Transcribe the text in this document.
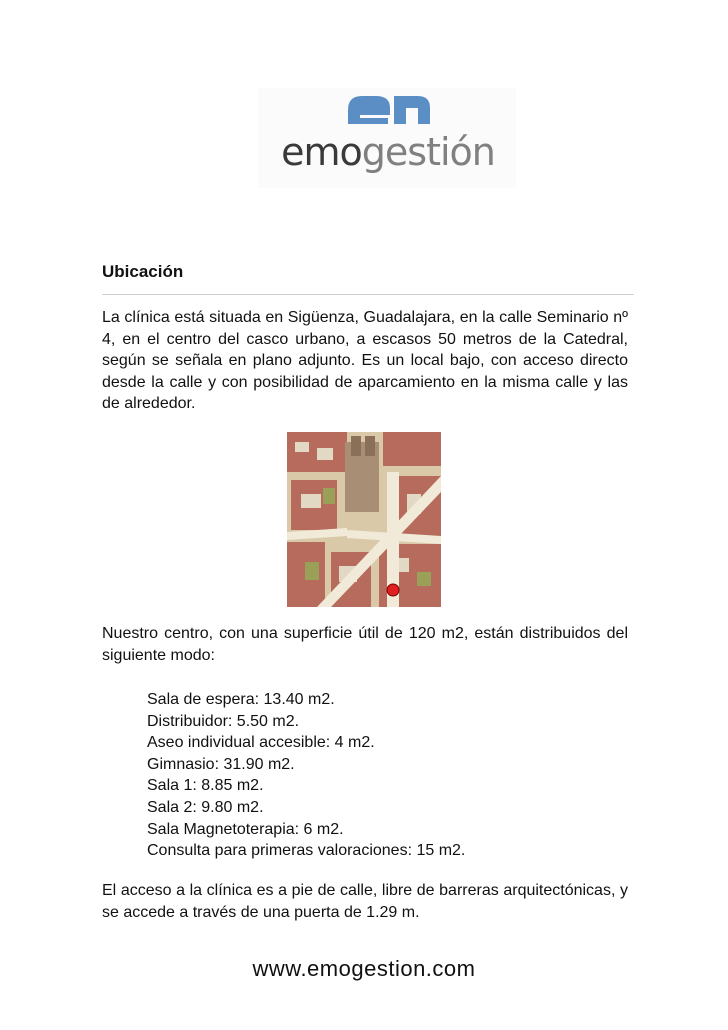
emogestión
Ubicación
La clínica está situada en Sigüenza, Guadalajara, en la calle Seminario nº 4, en el centro del casco urbano, a escasos 50 metros de la Catedral, según se señala en plano adjunto. Es un local bajo, con acceso directo desde la calle y con posibilidad de aparcamiento en la misma calle y las de alrededor.
Nuestro centro, con una superficie útil de 120 m2, están distribuidos del siguiente modo:
Sala de espera: 13.40 m2.
Distribuidor: 5.50 m2.
Aseo individual accesible: 4 m2.
Gimnasio: 31.90 m2.
Sala 1: 8.85 m2.
Sala 2: 9.80 m2.
Sala Magnetoterapia: 6 m2.
Consulta para primeras valoraciones: 15 m2.
El acceso a la clínica es a pie de calle, libre de barreras arquitectónicas, y se accede a través de una puerta de 1.29 m.
www.emogestion.com
